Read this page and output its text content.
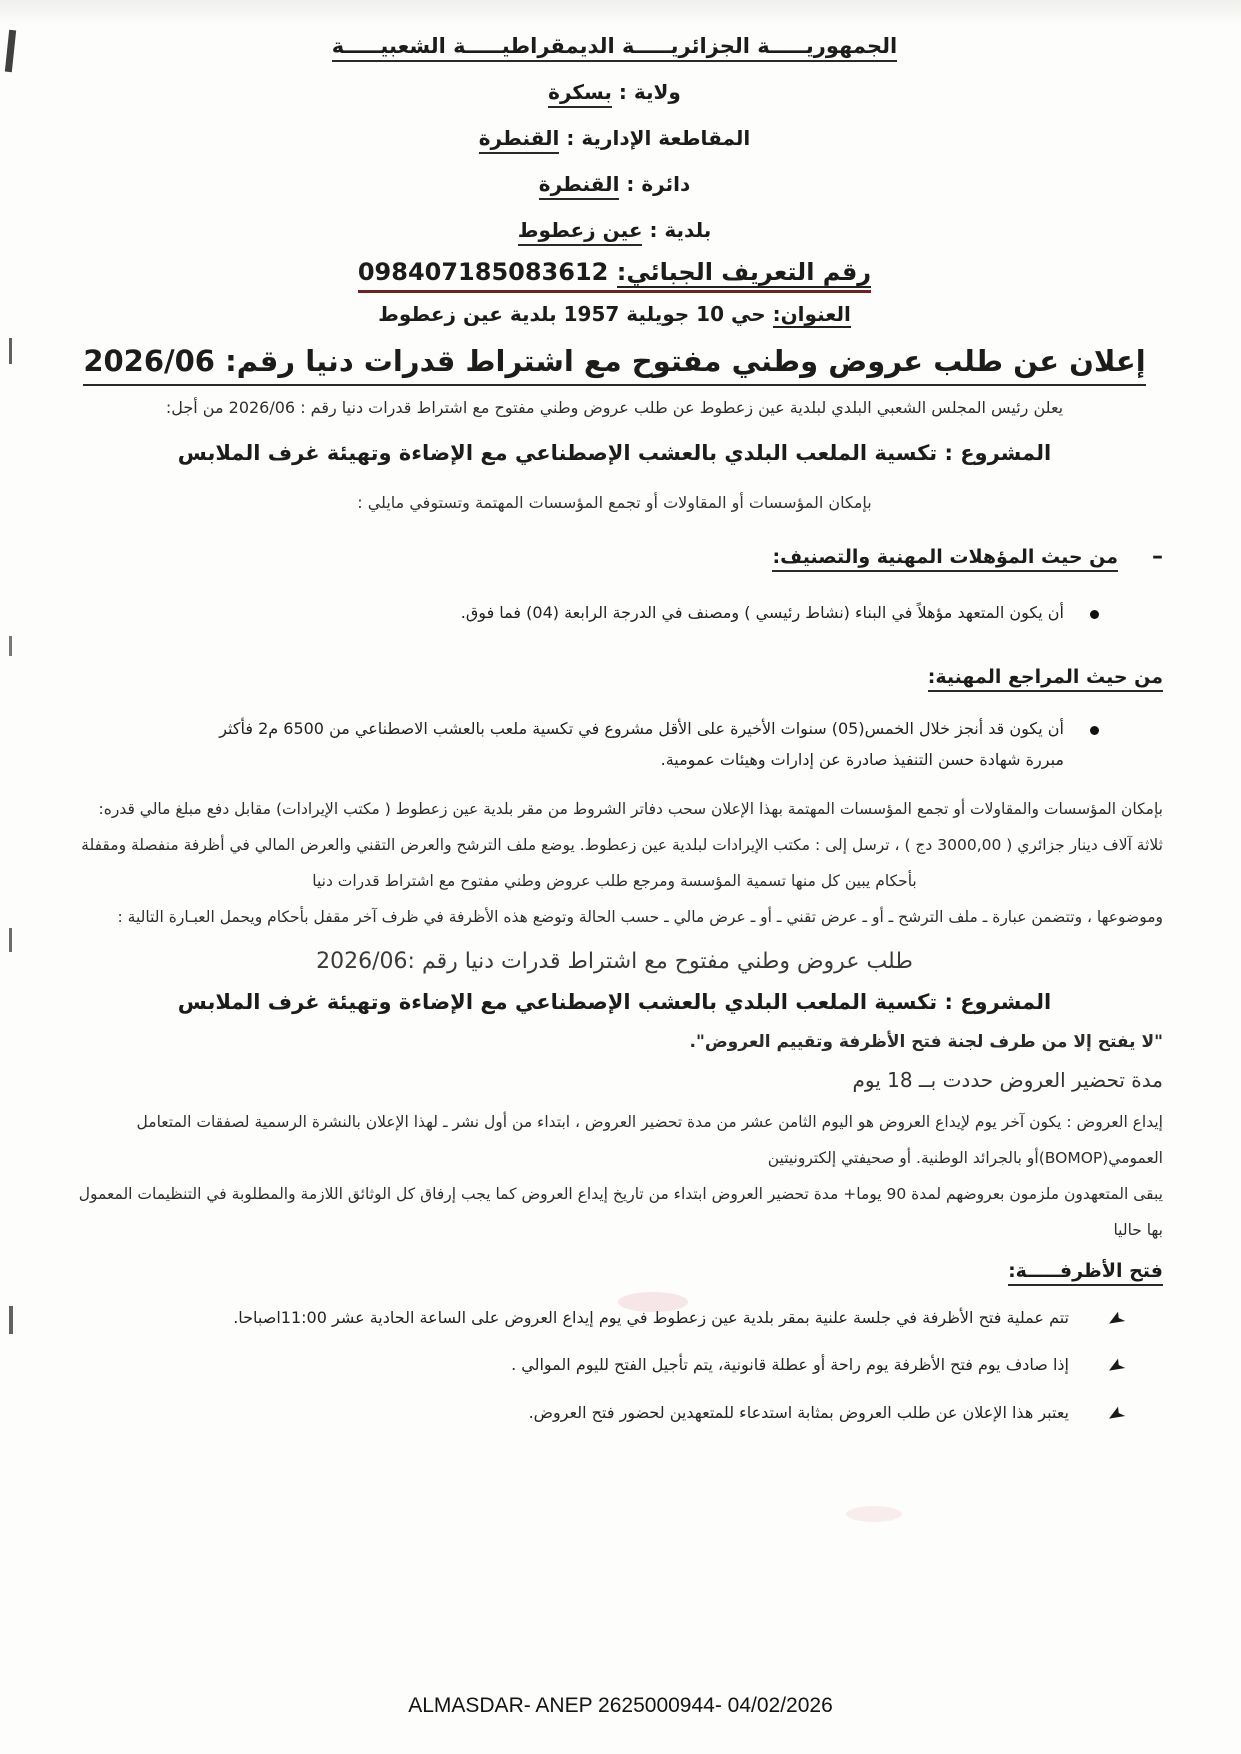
الجمهوريـــــة الجزائريـــــة الديمقراطيـــــة الشعبيـــــة
ولاية : بسكرة
المقاطعة الإدارية : القنطرة
دائرة : القنطرة
بلدية : عين زعطوط
رقم التعريف الجبائي: 098407185083612
العنوان: حي 10 جويلية 1957 بلدية عين زعطوط
إعلان عن طلب عروض وطني مفتوح مع اشتراط قدرات دنيا رقم: 2026/06
يعلن رئيس المجلس الشعبي البلدي لبلدية عين زعطوط عن طلب عروض وطني مفتوح مع اشتراط قدرات دنيا رقم : 2026/06 من أجل:
المشروع : تكسية الملعب البلدي بالعشب الإصطناعي مع الإضاءة وتهيئة غرف الملابس
بإمكان المؤسسات أو المقاولات أو تجمع المؤسسات المهتمة وتستوفي مايلي :
–
من حيث المؤهلات المهنية والتصنيف:
أن يكون المتعهد مؤهلاً في البناء (نشاط رئيسي ) ومصنف في الدرجة الرابعة (04) فما فوق.
من حيث المراجع المهنية:
أن يكون قد أنجز خلال الخمس(05) سنوات الأخيرة على الأقل مشروع في تكسية ملعب بالعشب الاصطناعي من 6500 م2 فأكثر
مبررة شهادة حسن التنفيذ صادرة عن إدارات وهيئات عمومية.
بإمكان المؤسسات والمقاولات أو تجمع المؤسسات المهتمة بهذا الإعلان سحب دفاتر الشروط من مقر بلدية عين زعطوط ( مكتب الإيرادات) مقابل دفع مبلغ مالي قدره:
ثلاثة آلاف دينار جزائري ( 3000,00 دج ) ، ترسل إلى : مكتب الإيرادات لبلدية عين زعطوط. يوضع ملف الترشح والعرض التقني والعرض المالي في أظرفة منفصلة ومقفلة
بأحكام يبين كل منها تسمية المؤسسة ومرجع طلب عروض وطني مفتوح مع اشتراط قدرات دنيا
وموضوعها ، وتتضمن عبارة ـ ملف الترشح ـ أو ـ عرض تقني ـ أو ـ عرض مالي ـ حسب الحالة وتوضع هذه الأظرفة في ظرف آخر مقفل بأحكام ويحمل العبـارة التالية :
طلب عروض وطني مفتوح مع اشتراط قدرات دنيا رقم :2026/06
المشروع : تكسية الملعب البلدي بالعشب الإصطناعي مع الإضاءة وتهيئة غرف الملابس
"لا يفتح إلا من طرف لجنة فتح الأظرفة وتقييم العروض".
مدة تحضير العروض حددت بــ 18 يوم
إيداع العروض : يكون آخر يوم لإيداع العروض هو اليوم الثامن عشر من مدة تحضير العروض ، ابتداء من أول نشر ـ لهذا الإعلان بالنشرة الرسمية لصفقات المتعامل
العمومي(BOMOP)أو بالجرائد الوطنية. أو صحيفتي إلكترونيتين
يبقى المتعهدون ملزمون بعروضهم لمدة 90 يوما+ مدة تحضير العروض ابتداء من تاريخ إيداع العروض كما يجب إرفاق كل الوثائق اللازمة والمطلوبة في التنظيمات المعمول
بها حاليا
فتح الأظرفـــــة:
تتم عملية فتح الأظرفة في جلسة علنية بمقر بلدية عين زعطوط في يوم إيداع العروض على الساعة الحادية عشر 11:00اصباحا.
إذا صادف يوم فتح الأظرفة يوم راحة أو عطلة قانونية، يتم تأجيل الفتح لليوم الموالي .
يعتبر هذا الإعلان عن طلب العروض بمثابة استدعاء للمتعهدين لحضور فتح العروض.
ALMASDAR- ANEP 2625000944- 04/02/2026
